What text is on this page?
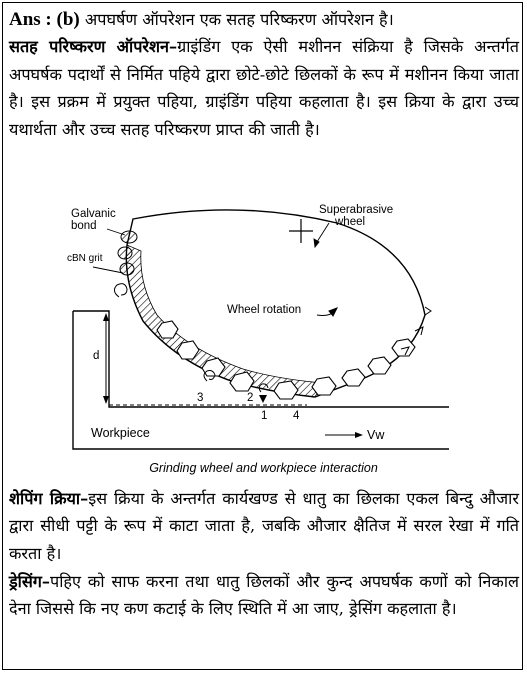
Ans : (b) अपघर्षण ऑपरेशन एक सतह परिष्करण ऑपरेशन है।
सतह परिष्करण ऑपरेशन–ग्राइंडिंग एक ऐसी मशीनन संक्रिया है जिसके अन्तर्गत अपघर्षक पदार्थों से निर्मित पहिये द्वारा छोटे-छोटे छिलकों के रूप में मशीनन किया जाता है। इस प्रक्रम में प्रयुक्त पहिया, ग्राइंडिंग पहिया कहलाता है। इस क्रिया के द्वारा उच्च यथार्थता और उच्च सतह परिष्करण प्राप्त की जाती है।
Galvanic
bond
cBN grit
Superabrasive
wheel
Wheel rotation
d
3	2
1 4
Workpiece	Vw
Grinding wheel and workpiece interaction
शेपिंग क्रिया–इस क्रिया के अन्तर्गत कार्यखण्ड से धातु का छिलका एकल बिन्दु औजार द्वारा सीधी पट्टी के रूप में काटा जाता है, जबकि औजार क्षैतिज में सरल रेखा में गति करता है।
ड्रेसिंग–पहिए को साफ करना तथा धातु छिलकों और कुन्द अपघर्षक कणों को निकाल देना जिससे कि नए कण कटाई के लिए स्थिति में आ जाए, ड्रेसिंग कहलाता है।
